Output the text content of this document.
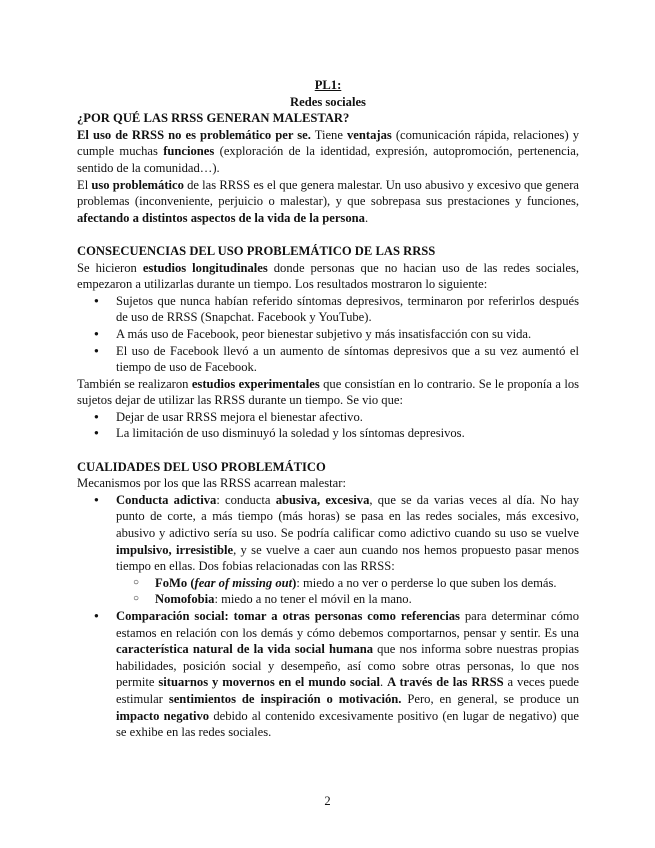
PL1:
Redes sociales

¿POR QUÉ LAS RRSS GENERAN MALESTAR?

El uso de RRSS no es problemático per se. Tiene ventajas (comunicación rápida, relaciones) y cumple muchas funciones (exploración de la identidad, expresión, autopromoción, pertenencia, sentido de la comunidad…).

El uso problemático de las RRSS es el que genera malestar. Un uso abusivo y excesivo que genera problemas (inconveniente, perjuicio o malestar), y que sobrepasa sus prestaciones y funciones, afectando a distintos aspectos de la vida de la persona.

CONSECUENCIAS DEL USO PROBLEMÁTICO DE LAS RRSS

Se hicieron estudios longitudinales donde personas que no hacian uso de las redes sociales, empezaron a utilizarlas durante un tiempo. Los resultados mostraron lo siguiente:

● Sujetos que nunca habían referido síntomas depresivos, terminaron por referirlos después de uso de RRSS (Snapchat. Facebook y YouTube).
● A más uso de Facebook, peor bienestar subjetivo y más insatisfacción con su vida.
● El uso de Facebook llevó a un aumento de síntomas depresivos que a su vez aumentó el tiempo de uso de Facebook.

También se realizaron estudios experimentales que consistían en lo contrario. Se le proponía a los sujetos dejar de utilizar las RRSS durante un tiempo. Se vio que:

● Dejar de usar RRSS mejora el bienestar afectivo.
● La limitación de uso disminuyó la soledad y los síntomas depresivos.

CUALIDADES DEL USO PROBLEMÁTICO

Mecanismos por los que las RRSS acarrean malestar:

● Conducta adictiva: conducta abusiva, excesiva, que se da varias veces al día. No hay punto de corte, a más tiempo (más horas) se pasa en las redes sociales, más excesivo, abusivo y adictivo sería su uso. Se podría calificar como adictivo cuando su uso se vuelve impulsivo, irresistible, y se vuelve a caer aun cuando nos hemos propuesto pasar menos tiempo en ellas. Dos fobias relacionadas con las RRSS:
○ FoMo (fear of missing out): miedo a no ver o perderse lo que suben los demás.
○ Nomofobia: miedo a no tener el móvil en la mano.
● Comparación social: tomar a otras personas como referencias para determinar cómo estamos en relación con los demás y cómo debemos comportarnos, pensar y sentir. Es una característica natural de la vida social humana que nos informa sobre nuestras propias habilidades, posición social y desempeño, así como sobre otras personas, lo que nos permite situarnos y movernos en el mundo social. A través de las RRSS a veces puede estimular sentimientos de inspiración o motivación. Pero, en general, se produce un impacto negativo debido al contenido excesivamente positivo (en lugar de negativo) que se exhibe en las redes sociales.
2
